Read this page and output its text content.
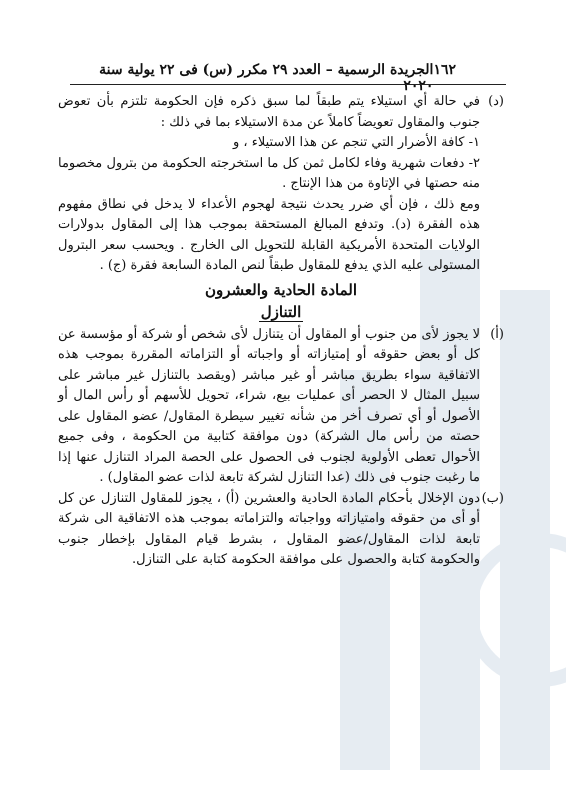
١٦٢
الجريدة الرسمية – العدد ٢٩ مكرر (س) فى ٢٢ يولية سنة ٢٠٢٠
(د)

في حالة أي استيلاء يتم طبقاً لما سبق ذكره فإن الحكومة تلتزم بأن تعوض جنوب والمقاول تعويضاً كاملاً عن مدة الاستيلاء بما في ذلك :

١- كافة الأضرار التي تنجم عن هذا الاستيلاء ، و

٢- دفعات شهرية وفاء لكامل ثمن كل ما استخرجته الحكومة من بترول مخصوما منه حصتها في الإتاوة من هذا الإنتاج .

ومع ذلك ، فإن أي ضرر يحدث نتيجة لهجوم الأعداء لا يدخل في نطاق مفهوم هذه الفقرة (د). وتدفع المبالغ المستحقة بموجب هذا إلى المقاول بدولارات الولايات المتحدة الأمريكية القابلة للتحويل الى الخارج . ويحسب سعر البترول المستولى عليه الذي يدفع للمقاول طبقاً لنص المادة السابعة فقرة (ج) .

المادة الحادية والعشرون
التنازل
(أ)

لا يجوز لأى من جنوب أو المقاول أن يتنازل لأى شخص أو شركة أو مؤسسة عن كل أو بعض حقوقه أو إمتيازاته أو واجباته أو التزاماته المقررة بموجب هذه الاتفاقية سواء بطريق مباشر أو غير مباشر (ويقصد بالتنازل غير مباشر على سبيل المثال لا الحصر أى عمليات بيع، شراء، تحويل للأسهم أو رأس المال أو الأصول أو أي تصرف أخر من شأنه تغيير سيطرة المقاول/ عضو المقاول على حصته من رأس مال الشركة) دون موافقة كتابية من الحكومة ، وفى جميع الأحوال تعطى الأولوية لجنوب فى الحصول على الحصة المراد التنازل عنها إذا ما رغبت جنوب فى ذلك (عدا التنازل لشركة تابعة لذات عضو المقاول) .

(ب)

دون الإخلال بأحكام المادة الحادية والعشرين (أ) ، يجوز للمقاول التنازل عن كل أو أى من حقوقه وامتيازاته وواجباته والتزاماته بموجب هذه الاتفاقية الى شركة تابعة لذات المقاول/عضو المقاول ، بشرط قيام المقاول بإخطار جنوب والحكومة كتابة والحصول على موافقة الحكومة كتابة على التنازل.
